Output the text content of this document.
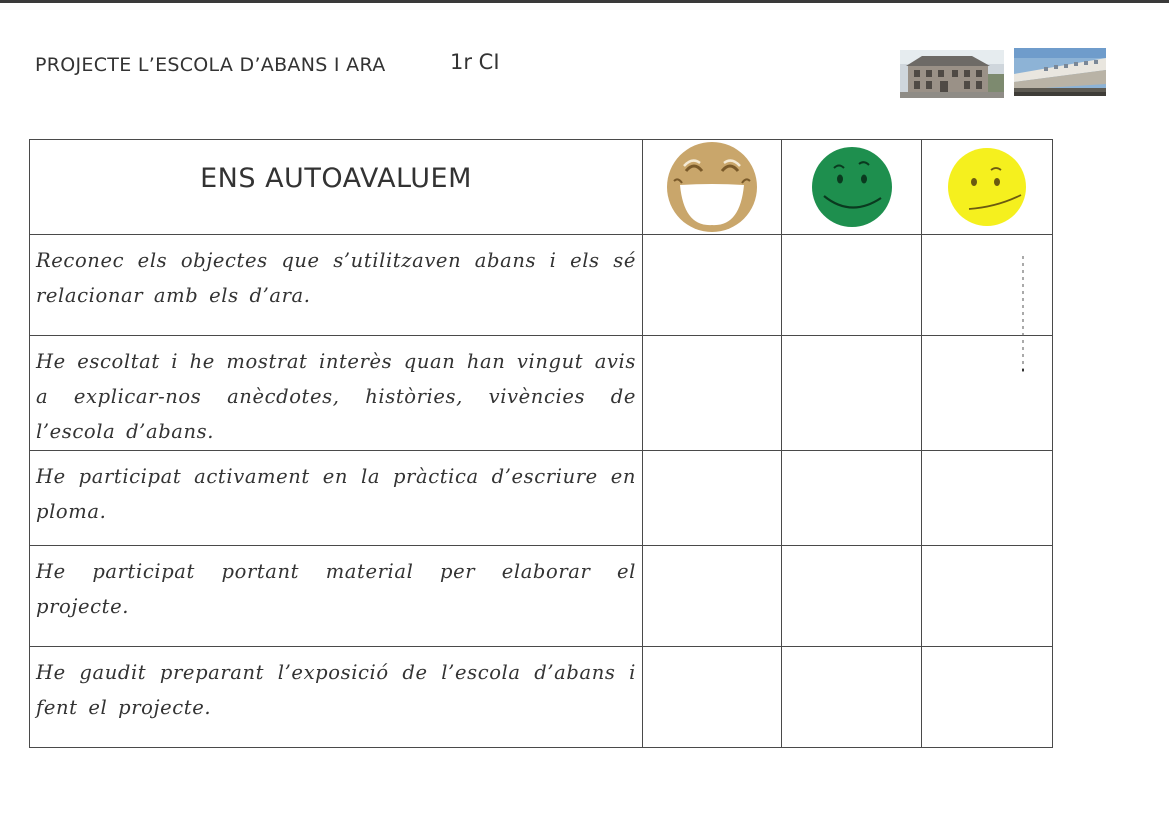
PROJECTE L’ESCOLA D’ABANS I ARA	1r CI
ENS AUTOAVALUEM

Reconec els objectes que s’utilitzaven abans i els sé relacionar amb els d’ara.			

He escoltat i he mostrat interès quan han vingut avis a explicar-nos anècdotes, històries, vivències de l’escola d’abans.			

He participat activament en la pràctica d’escriure en ploma.			

He participat portant material per elaborar el projecte.			

He gaudit preparant l’exposició de l’escola d’abans i fent el projecte.			
